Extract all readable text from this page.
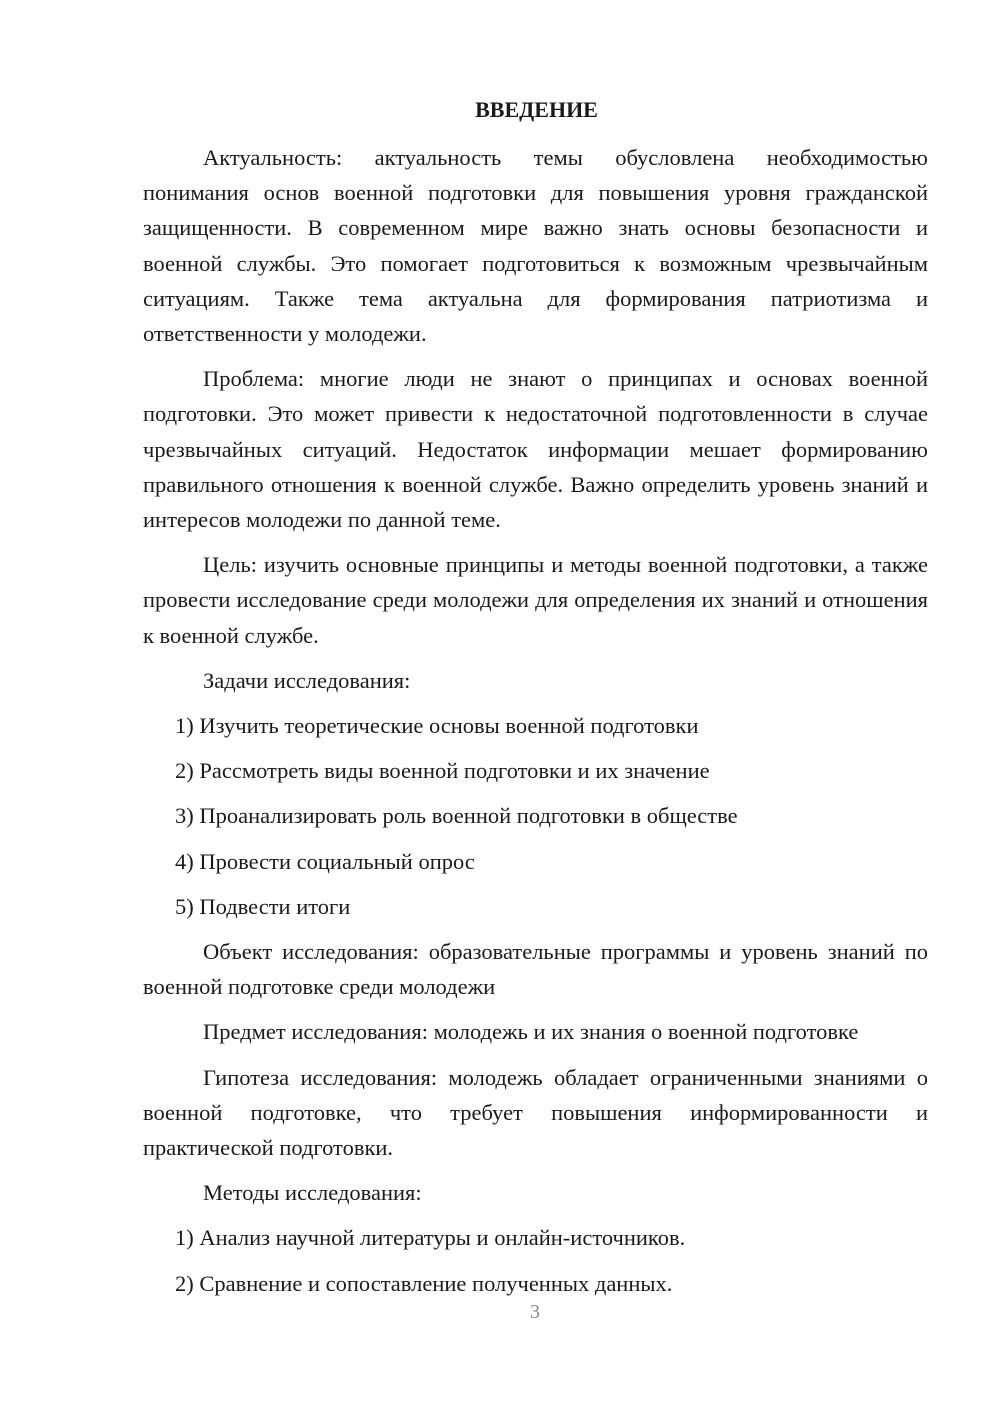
ВВЕДЕНИЕ

Актуальность: актуальность темы обусловлена необходимостью понимания основ военной подготовки для повышения уровня гражданской защищенности. В современном мире важно знать основы безопасности и военной службы. Это помогает подготовиться к возможным чрезвычайным ситуациям. Также тема актуальна для формирования патриотизма и ответственности у молодежи.

Проблема: многие люди не знают о принципах и основах военной подготовки. Это может привести к недостаточной подготовленности в случае чрезвычайных ситуаций. Недостаток информации мешает формированию правильного отношения к военной службе. Важно определить уровень знаний и интересов молодежи по данной теме.

Цель: изучить основные принципы и методы военной подготовки, а также провести исследование среди молодежи для определения их знаний и отношения к военной службе.

Задачи исследования:

1) Изучить теоретические основы военной подготовки

2) Рассмотреть виды военной подготовки и их значение

3) Проанализировать роль военной подготовки в обществе

4) Провести социальный опрос

5) Подвести итоги

Объект исследования: образовательные программы и уровень знаний по военной подготовке среди молодежи

Предмет исследования: молодежь и их знания о военной подготовке

Гипотеза исследования: молодежь обладает ограниченными знаниями о военной подготовке, что требует повышения информированности и практической подготовки.

Методы исследования:

1) Анализ научной литературы и онлайн-источников.

2) Сравнение и сопоставление полученных данных.

3
